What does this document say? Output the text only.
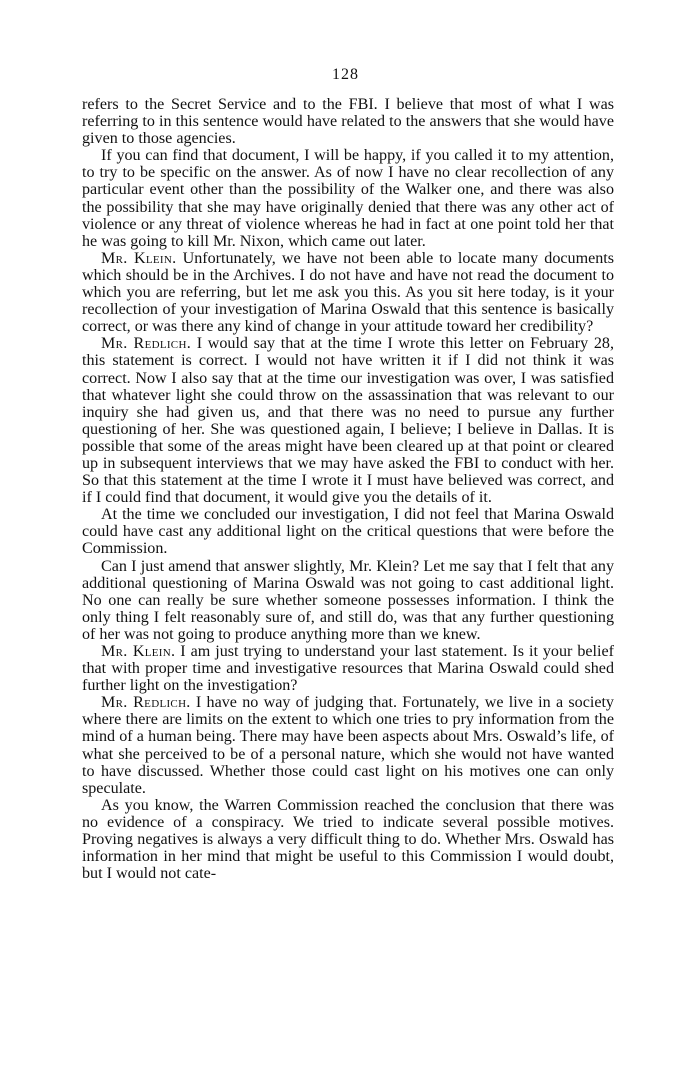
128

refers to the Secret Service and to the FBI. I believe that most of what I was referring to in this sentence would have related to the answers that she would have given to those agencies.

If you can find that document, I will be happy, if you called it to my attention, to try to be specific on the answer. As of now I have no clear recollection of any particular event other than the possibility of the Walker one, and there was also the possibility that she may have originally denied that there was any other act of violence or any threat of violence whereas he had in fact at one point told her that he was going to kill Mr. Nixon, which came out later.

Mr. Klein. Unfortunately, we have not been able to locate many documents which should be in the Archives. I do not have and have not read the document to which you are referring, but let me ask you this. As you sit here today, is it your recollection of your investigation of Marina Oswald that this sentence is basically correct, or was there any kind of change in your attitude toward her credibility?

Mr. Redlich. I would say that at the time I wrote this letter on February 28, this statement is correct. I would not have written it if I did not think it was correct. Now I also say that at the time our investigation was over, I was satisfied that whatever light she could throw on the assassination that was relevant to our inquiry she had given us, and that there was no need to pursue any further questioning of her. She was questioned again, I believe; I believe in Dallas. It is possible that some of the areas might have been cleared up at that point or cleared up in subsequent interviews that we may have asked the FBI to conduct with her. So that this statement at the time I wrote it I must have believed was correct, and if I could find that document, it would give you the details of it.

At the time we concluded our investigation, I did not feel that Marina Oswald could have cast any additional light on the critical questions that were before the Commission.

Can I just amend that answer slightly, Mr. Klein? Let me say that I felt that any additional questioning of Marina Oswald was not going to cast additional light. No one can really be sure whether someone possesses information. I think the only thing I felt reasonably sure of, and still do, was that any further questioning of her was not going to produce anything more than we knew.

Mr. Klein. I am just trying to understand your last statement. Is it your belief that with proper time and investigative resources that Marina Oswald could shed further light on the investigation?

Mr. Redlich. I have no way of judging that. Fortunately, we live in a society where there are limits on the extent to which one tries to pry information from the mind of a human being. There may have been aspects about Mrs. Oswald’s life, of what she perceived to be of a personal nature, which she would not have wanted to have discussed. Whether those could cast light on his motives one can only speculate.

As you know, the Warren Commission reached the conclusion that there was no evidence of a conspiracy. We tried to indicate several possible motives. Proving negatives is always a very difficult thing to do. Whether Mrs. Oswald has information in her mind that might be useful to this Commission I would doubt, but I would not cate-
